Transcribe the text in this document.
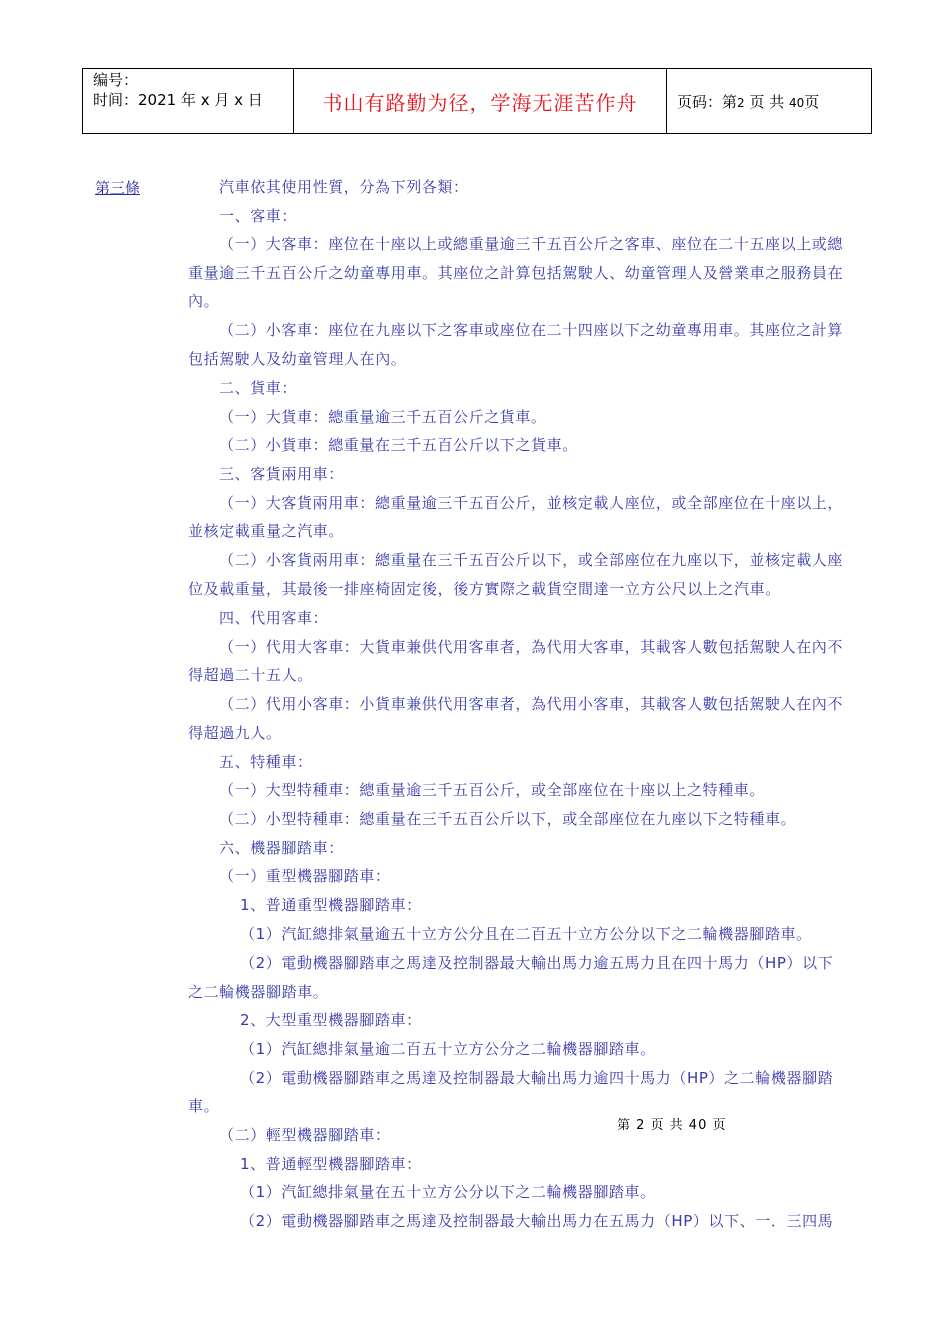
编号：
时间：2021 年 x 月 x 日	书山有路勤为径，学海无涯苦作舟	页码：第2 页 共 40页
第三條	汽車依其使用性質，分為下列各類：
一、客車：
（一）大客車：座位在十座以上或總重量逾三千五百公斤之客車、座位在二十五座以上或總
重量逾三千五百公斤之幼童專用車。其座位之計算包括駕駛人、幼童管理人及營業車之服務員在
內。
（二）小客車：座位在九座以下之客車或座位在二十四座以下之幼童專用車。其座位之計算
包括駕駛人及幼童管理人在內。
二、貨車：
（一）大貨車：總重量逾三千五百公斤之貨車。
（二）小貨車：總重量在三千五百公斤以下之貨車。
三、客貨兩用車：
（一）大客貨兩用車：總重量逾三千五百公斤，並核定載人座位，或全部座位在十座以上，
並核定載重量之汽車。
（二）小客貨兩用車：總重量在三千五百公斤以下，或全部座位在九座以下，並核定載人座
位及載重量，其最後一排座椅固定後，後方實際之載貨空間達一立方公尺以上之汽車。
四、代用客車：
（一）代用大客車：大貨車兼供代用客車者，為代用大客車，其載客人數包括駕駛人在內不
得超過二十五人。
（二）代用小客車：小貨車兼供代用客車者，為代用小客車，其載客人數包括駕駛人在內不
得超過九人。
五、特種車：
（一）大型特種車：總重量逾三千五百公斤，或全部座位在十座以上之特種車。
（二）小型特種車：總重量在三千五百公斤以下，或全部座位在九座以下之特種車。
六、機器腳踏車：
（一）重型機器腳踏車：
1、普通重型機器腳踏車：
（1）汽缸總排氣量逾五十立方公分且在二百五十立方公分以下之二輪機器腳踏車。
（2）電動機器腳踏車之馬達及控制器最大輸出馬力逾五馬力且在四十馬力（HP）以下
之二輪機器腳踏車。
2、大型重型機器腳踏車：
（1）汽缸總排氣量逾二百五十立方公分之二輪機器腳踏車。
（2）電動機器腳踏車之馬達及控制器最大輸出馬力逾四十馬力（HP）之二輪機器腳踏
車。
（二）輕型機器腳踏車：
1、普通輕型機器腳踏車：
（1）汽缸總排氣量在五十立方公分以下之二輪機器腳踏車。
（2）電動機器腳踏車之馬達及控制器最大輸出馬力在五馬力（HP）以下、一．三四馬
第 2 页 共 40 页
